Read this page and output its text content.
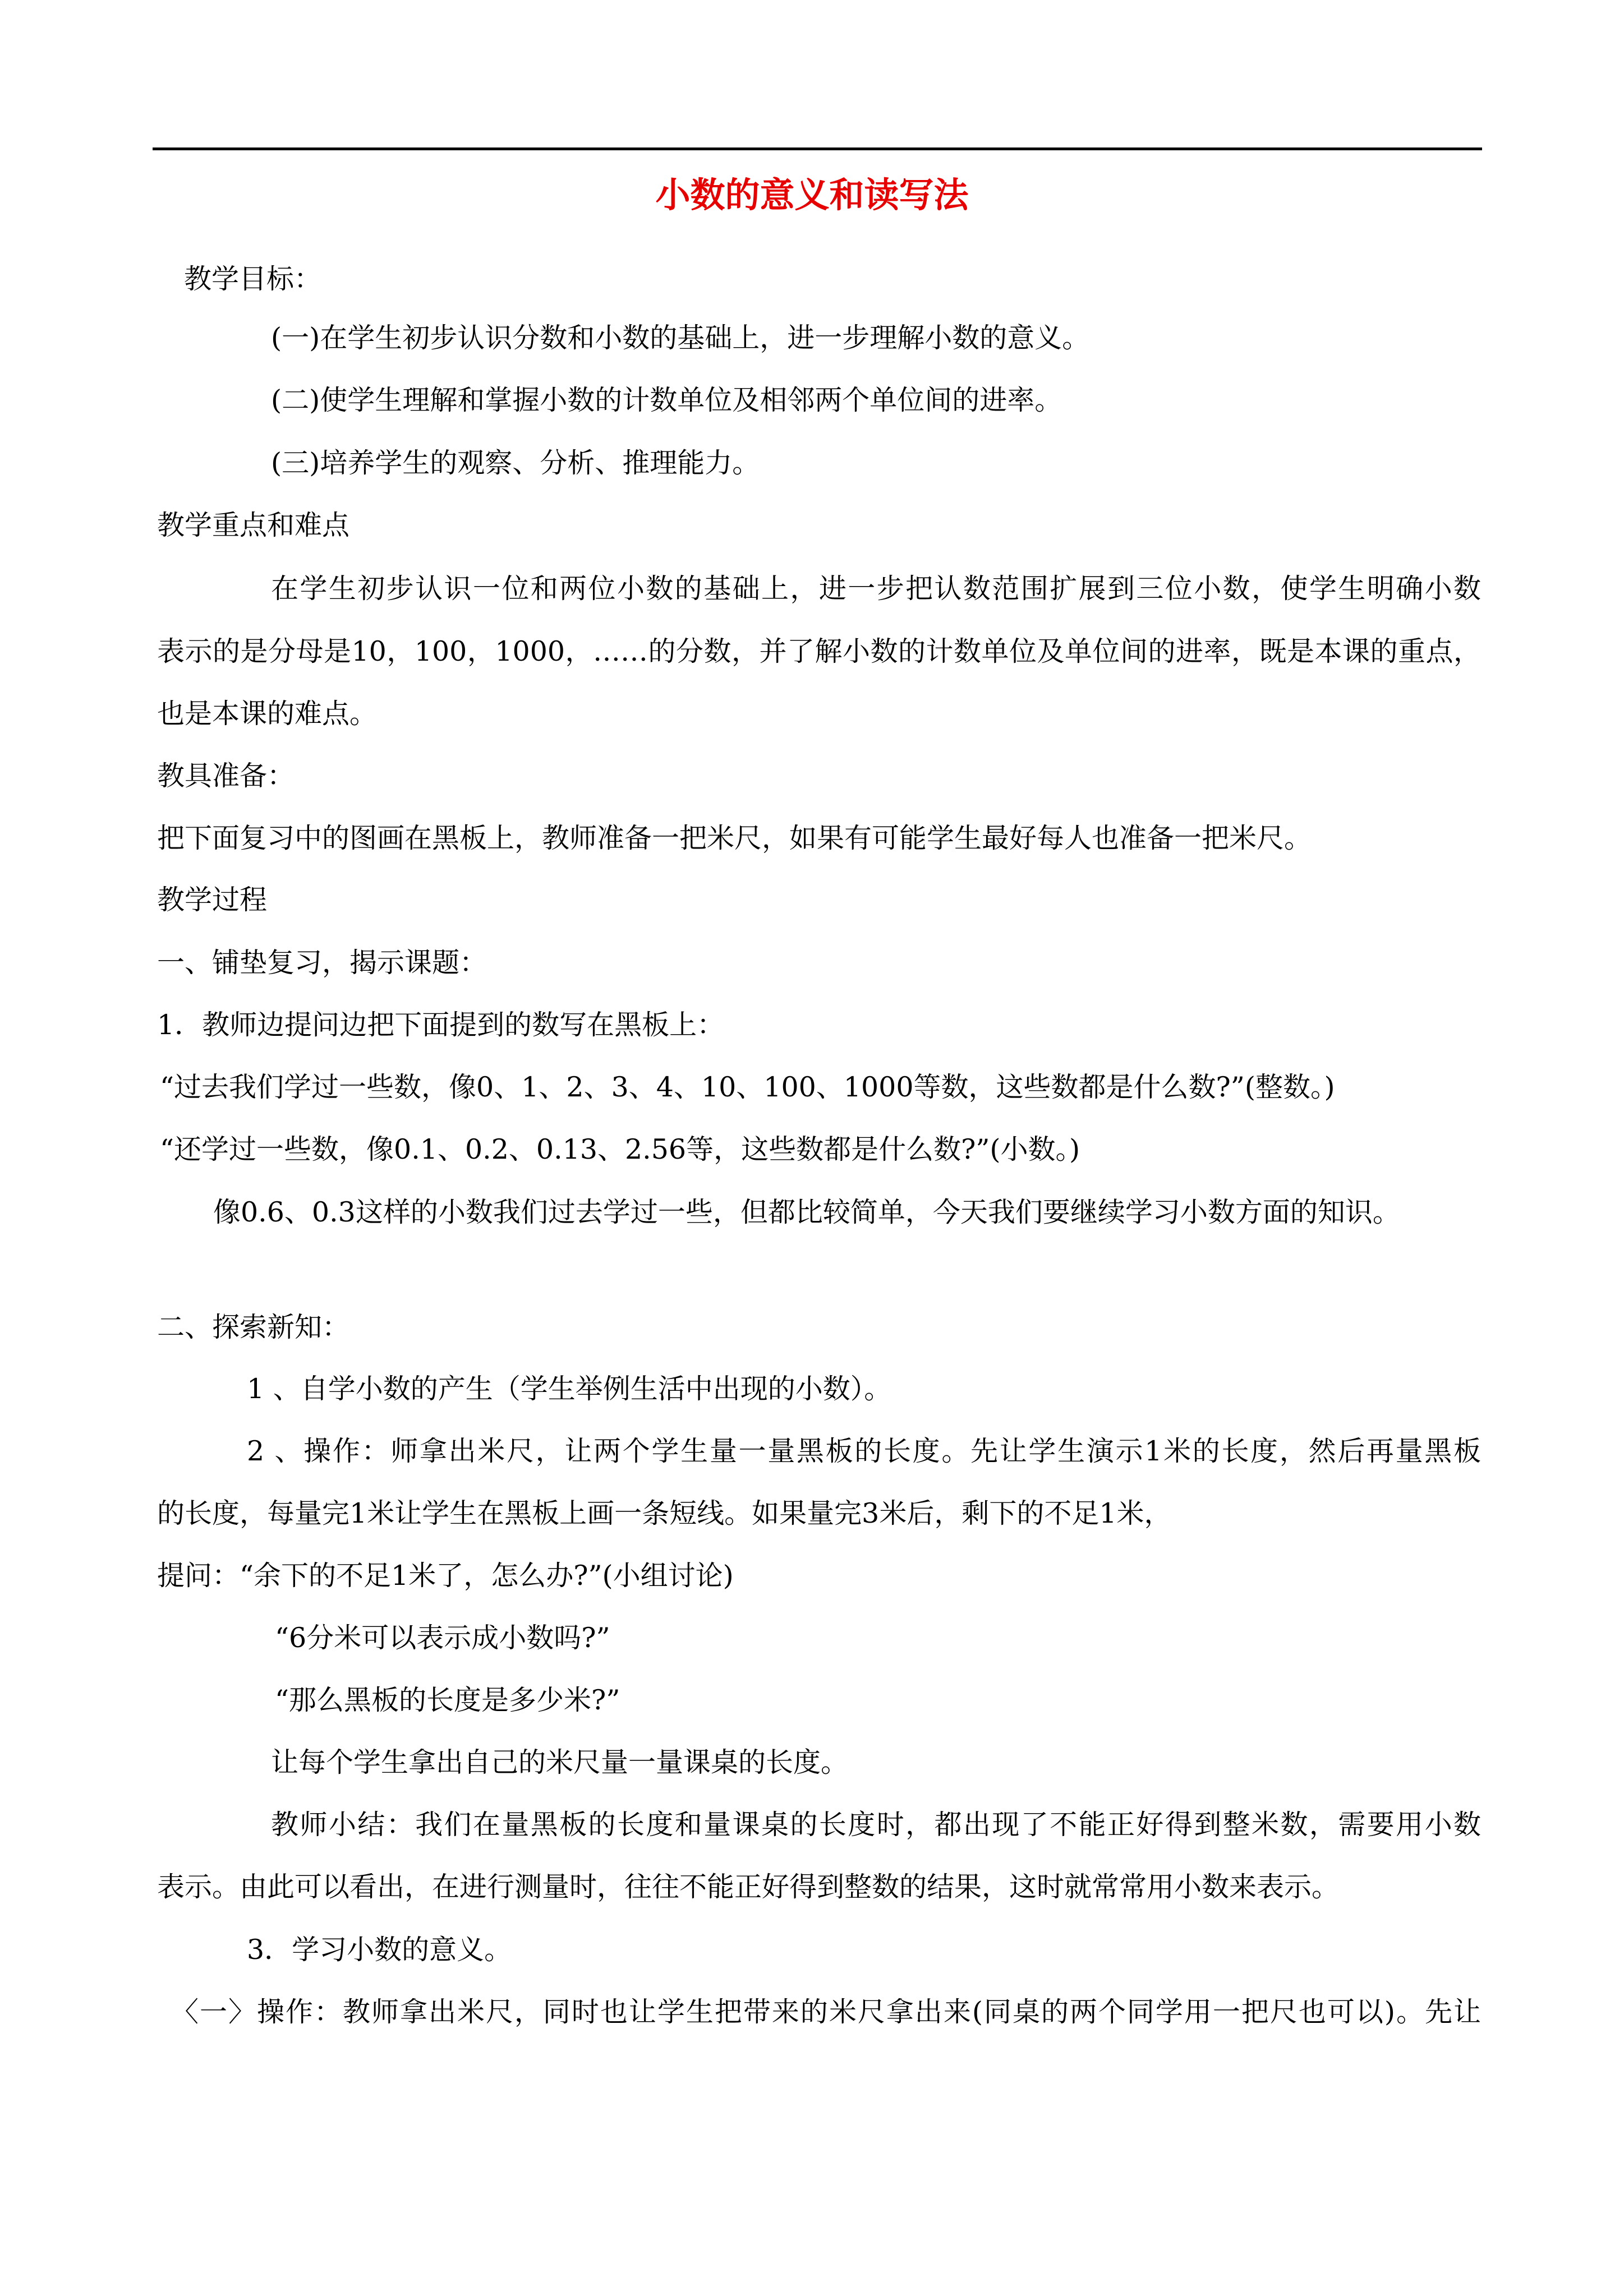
小数的意义和读写法

教学目标：

(一)在学生初步认识分数和小数的基础上，进一步理解小数的意义。

(二)使学生理解和掌握小数的计数单位及相邻两个单位间的进率。

(三)培养学生的观察、分析、推理能力。

教学重点和难点

在学生初步认识一位和两位小数的基础上，进一步把认数范围扩展到三位小数，使学生明确小数

表示的是分母是10，100，1000，……的分数，并了解小数的计数单位及单位间的进率，既是本课的重点，

也是本课的难点。

教具准备：

把下面复习中的图画在黑板上，教师准备一把米尺，如果有可能学生最好每人也准备一把米尺。

教学过程

一、铺垫复习，揭示课题：

1．教师边提问边把下面提到的数写在黑板上：

“过去我们学过一些数，像0、1、2、3、4、10、100、1000等数，这些数都是什么数?”(整数。)

“还学过一些数，像0.1、0.2、0.13、2.56等，这些数都是什么数?”(小数。)

像0.6、0.3这样的小数我们过去学过一些，但都比较简单，今天我们要继续学习小数方面的知识。

二、探索新知：

1 、自学小数的产生（学生举例生活中出现的小数）。

2 、操作：师拿出米尺，让两个学生量一量黑板的长度。先让学生演示1米的长度，然后再量黑板

的长度，每量完1米让学生在黑板上画一条短线。如果量完3米后，剩下的不足1米，

提问：“余下的不足1米了，怎么办?”(小组讨论)

“6分米可以表示成小数吗?”

“那么黑板的长度是多少米?”

让每个学生拿出自己的米尺量一量课桌的长度。

教师小结：我们在量黑板的长度和量课桌的长度时，都出现了不能正好得到整米数，需要用小数

表示。由此可以看出，在进行测量时，往往不能正好得到整数的结果，这时就常常用小数来表示。

3．学习小数的意义。

〈一〉操作：教师拿出米尺，同时也让学生把带来的米尺拿出来(同桌的两个同学用一把尺也可以)。先让
